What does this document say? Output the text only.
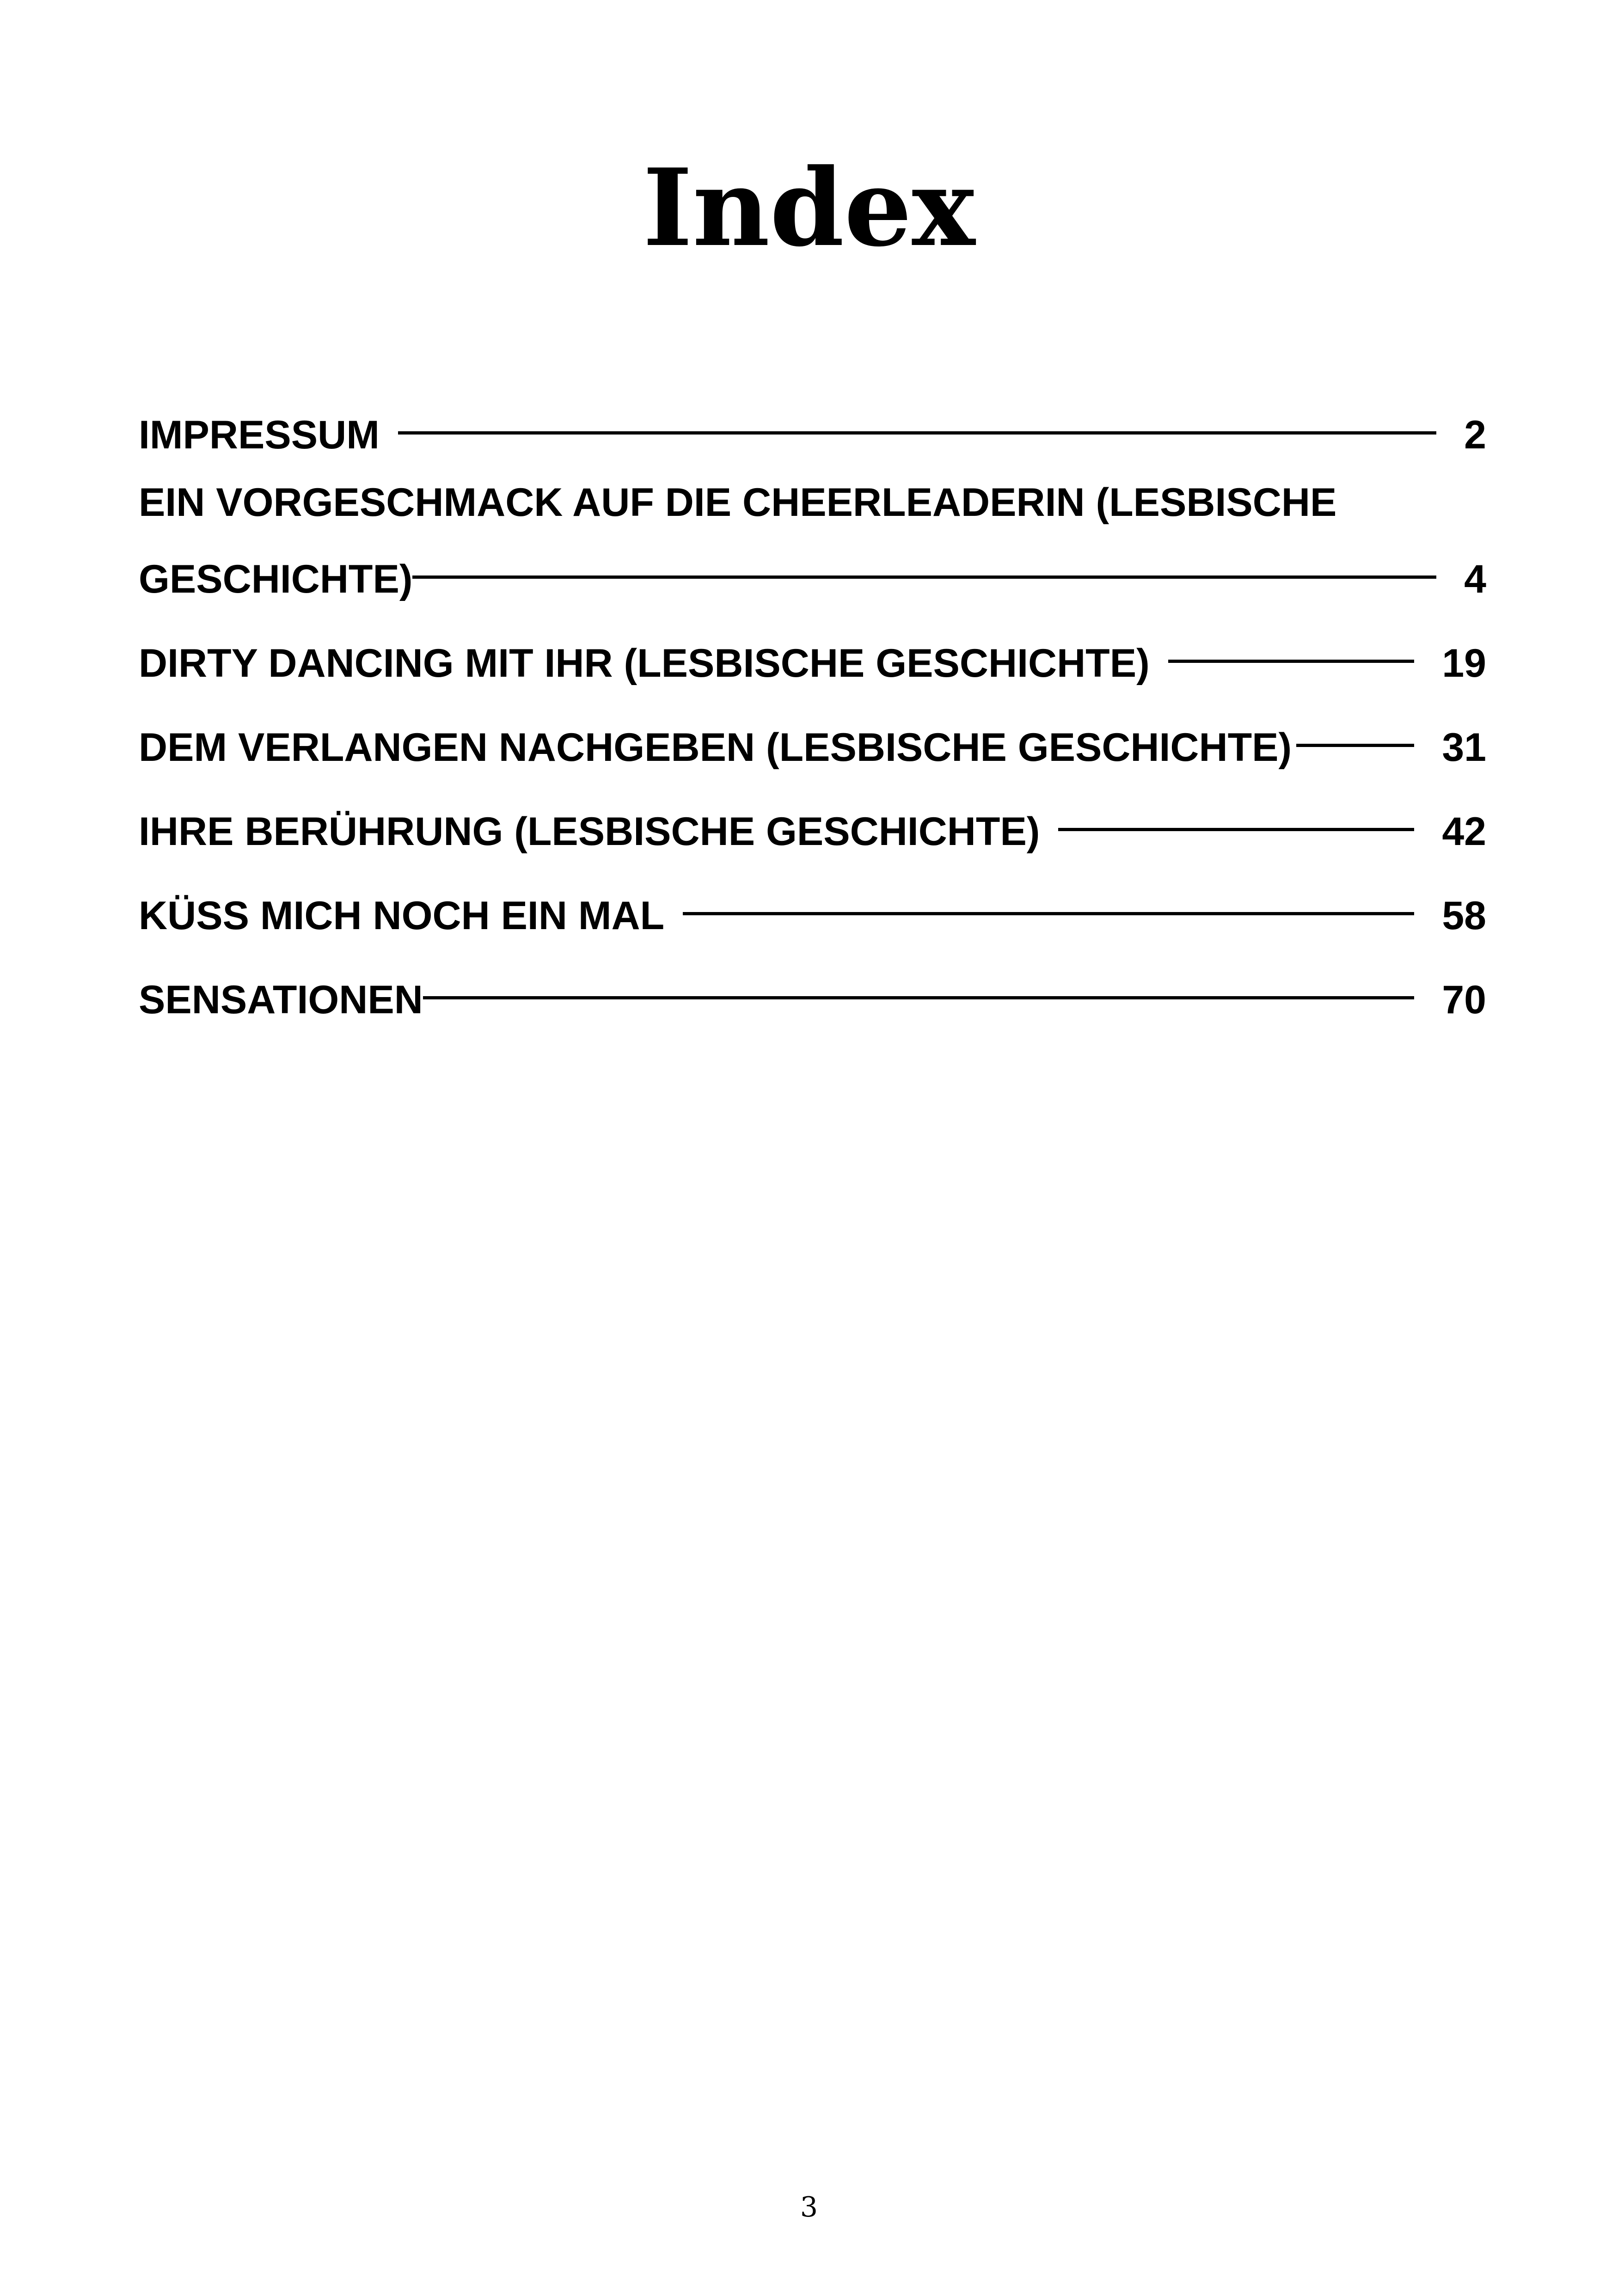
Index
IMPRESSUM	2
EIN VORGESCHMACK AUF DIE CHEERLEADERIN (LESBISCHE
GESCHICHTE)	4
DIRTY DANCING MIT IHR (LESBISCHE GESCHICHTE)	19
DEM VERLANGEN NACHGEBEN (LESBISCHE GESCHICHTE)	31
IHRE BERÜHRUNG (LESBISCHE GESCHICHTE)	42
KÜSS MICH NOCH EIN MAL	58
SENSATIONEN	70
3
